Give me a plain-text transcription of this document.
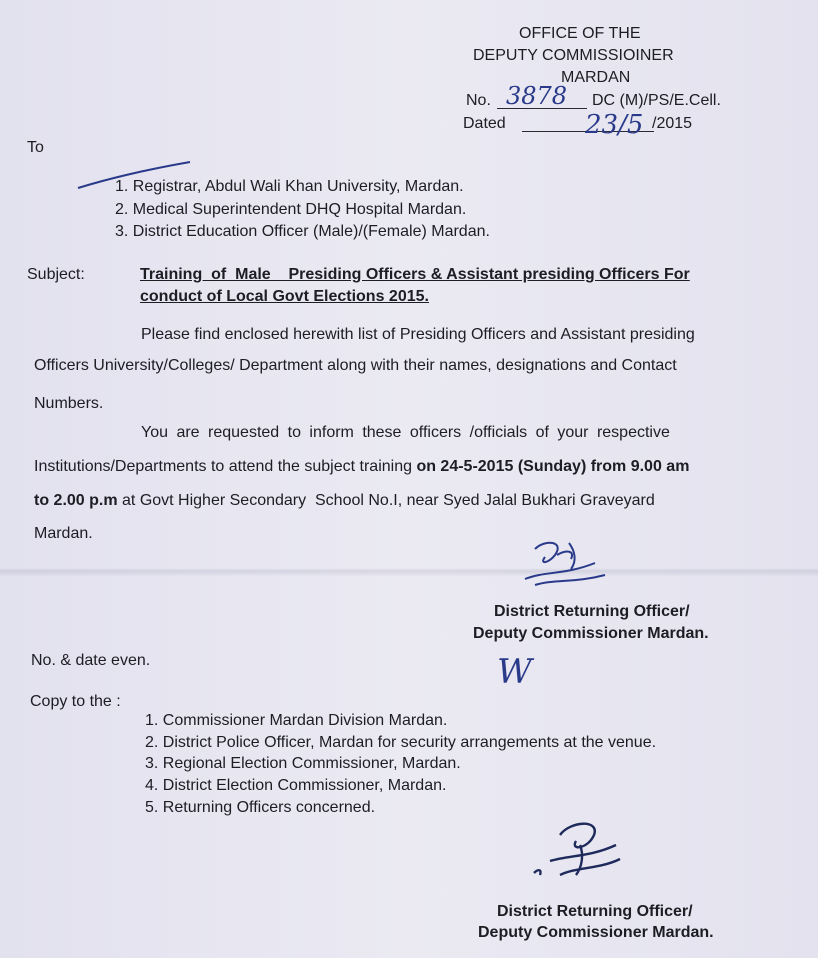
OFFICE OF THE
DEPUTY COMMISSIOINER
MARDAN
No. 3878 DC (M)/PS/E.Cell.
Dated	23/5 /2015
To
1. Registrar, Abdul Wali Khan University, Mardan.
2. Medical Superintendent DHQ Hospital Mardan.
3. District Education Officer (Male)/(Female) Mardan.
Subject:	Training  of  Male    Presiding Officers & Assistant presiding Officers For
conduct of Local Govt Elections 2015.
Please find enclosed herewith list of Presiding Officers and Assistant presiding
Officers University/Colleges/ Department along with their names, designations and Contact
Numbers.
You are requested to inform these officers /officials of your respective
Institutions/Departments to attend the subject training on 24-5-2015 (Sunday) from 9.00 am
to 2.00 p.m at Govt Higher Secondary  School No.I, near Syed Jalal Bukhari Graveyard
Mardan.
District Returning Officer/
Deputy Commissioner Mardan.
No. & date even.	W
Copy to the :
1. Commissioner Mardan Division Mardan.
2. District Police Officer, Mardan for security arrangements at the venue.
3. Regional Election Commissioner, Mardan.
4. District Election Commissioner, Mardan.
5. Returning Officers concerned.
District Returning Officer/
Deputy Commissioner Mardan.
